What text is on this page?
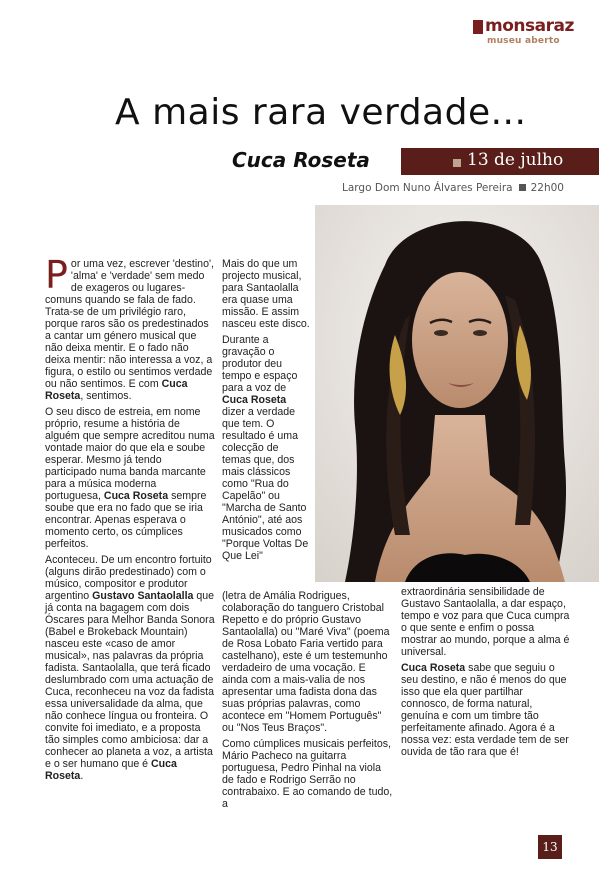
monsaraz
museu aberto
A mais rara verdade...
Cuca Roseta	13 de julho
Largo Dom Nuno Álvares Pereira 22h00

Por uma vez, escrever 'destino', 'alma' e 'verdade' sem medo de exageros ou lugares-comuns quando se fala de fado. Trata-se de um privilégio raro, porque raros são os predestinados a cantar um género musical que não deixa mentir. E o fado não deixa mentir: não interessa a voz, a figura, o estilo ou sentimos verdade ou não sentimos. E com Cuca Roseta, sentimos.

O seu disco de estreia, em nome próprio, resume a história de alguém que sempre acreditou numa vontade maior do que ela e soube esperar. Mesmo já tendo participado numa banda marcante para a música moderna portuguesa, Cuca Roseta sempre soube que era no fado que se iria encontrar. Apenas esperava o momento certo, os cúmplices perfeitos.

Aconteceu. De um encontro fortuito (alguns dirão predestinado) com o músico, compositor e produtor argentino Gustavo Santaolalla que já conta na bagagem com dois Óscares para Melhor Banda Sonora (Babel e Brokeback Mountain) nasceu este «caso de amor musical», nas palavras da própria fadista. Santaolalla, que terá ficado deslumbrado com uma actuação de Cuca, reconheceu na voz da fadista essa universalidade da alma, que não conhece língua ou fronteira. O convite foi imediato, e a proposta tão simples como ambiciosa: dar a conhecer ao planeta a voz, a artista e o ser humano que é Cuca Roseta.

Mais do que um projecto musical, para Santaolalla era quase uma missão. E assim nasceu este disco.

Durante a gravação o produtor deu tempo e espaço para a voz de Cuca Roseta dizer a verdade que tem. O resultado é uma colecção de temas que, dos mais clássicos como "Rua do Capelão" ou "Marcha de Santo António", até aos musicados como "Porque Voltas De Que Lei"

(letra de Amália Rodrigues, colaboração do tanguero Cristobal Repetto e do próprio Gustavo Santaolalla) ou "Maré Viva" (poema de Rosa Lobato Faria vertido para castelhano), este é um testemunho verdadeiro de uma vocação. E ainda com a mais-valia de nos apresentar uma fadista dona das suas próprias palavras, como acontece em "Homem Português" ou "Nos Teus Braços".

Como cúmplices musicais perfeitos, Mário Pacheco na guitarra portuguesa, Pedro Pinhal na viola de fado e Rodrigo Serrão no contrabaixo. E ao comando de tudo, a

extraordinária sensibilidade de Gustavo Santaolalla, a dar espaço, tempo e voz para que Cuca cumpra o que sente e enfim o possa mostrar ao mundo, porque a alma é universal.

Cuca Roseta sabe que seguiu o seu destino, e não é menos do que isso que ela quer partilhar connosco, de forma natural, genuína e com um timbre tão perfeitamente afinado. Agora é a nossa vez: esta verdade tem de ser ouvida de tão rara que é!

13
